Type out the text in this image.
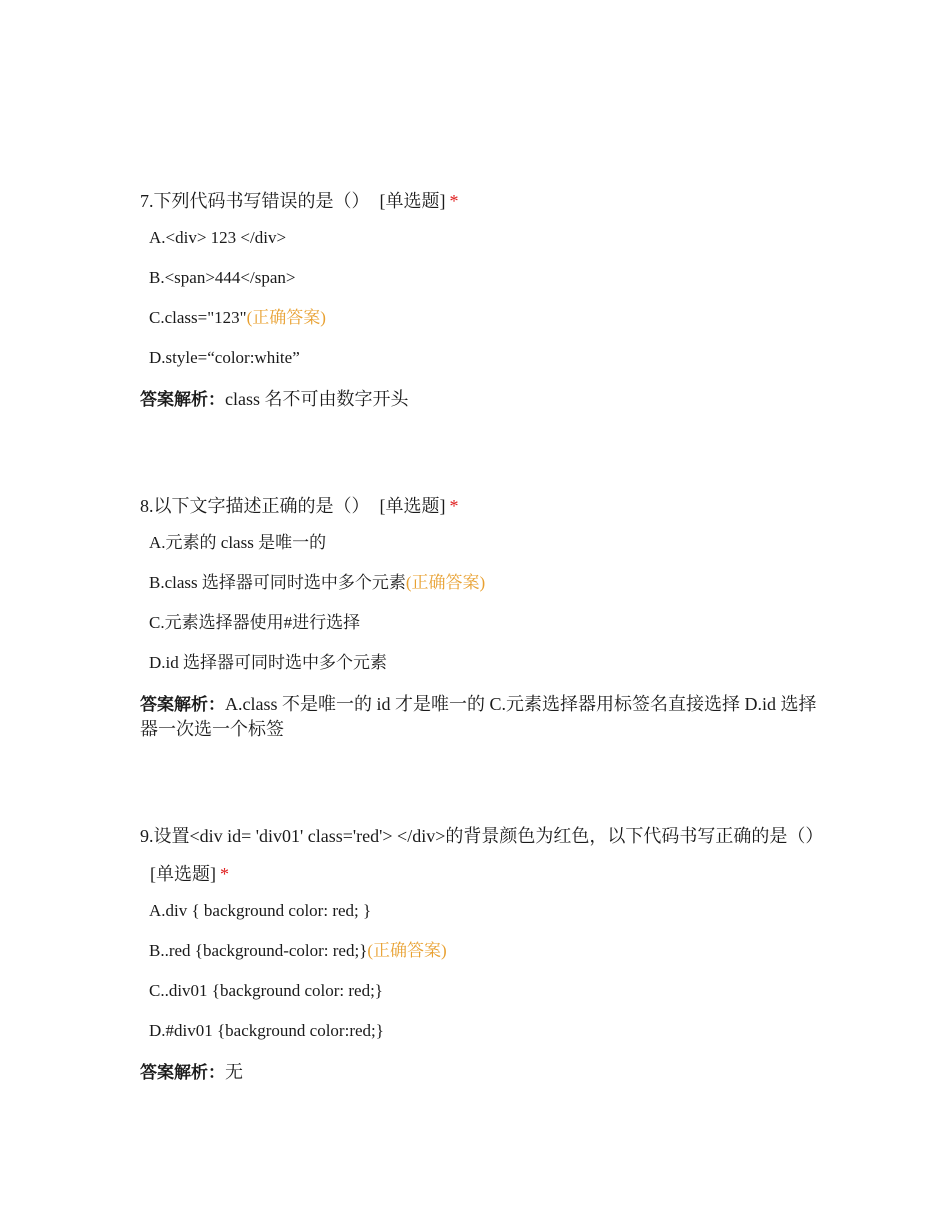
7.下列代码书写错误的是（） [单选题] *

A.<div> 123 </div>

B.<span>444</span>

C.class="123"(正确答案)

D.style=“color:white”

答案解析：class 名不可由数字开头

8.以下文字描述正确的是（） [单选题] *

A.元素的 class 是唯一的

B.class 选择器可同时选中多个元素(正确答案)

C.元素选择器使用#进行选择

D.id 选择器可同时选中多个元素

答案解析：A.class 不是唯一的 id 才是唯一的 C.元素选择器用标签名直接选择 D.id 选择器一次选一个标签

9.设置<div id= 'div01' class='red'> </div>的背景颜色为红色，以下代码书写正确的是（）[单选题] *

A.div { background color: red; }

B..red {background-color: red;}(正确答案)

C..div01 {background color: red;}

D.#div01 {background color:red;}

答案解析：无
